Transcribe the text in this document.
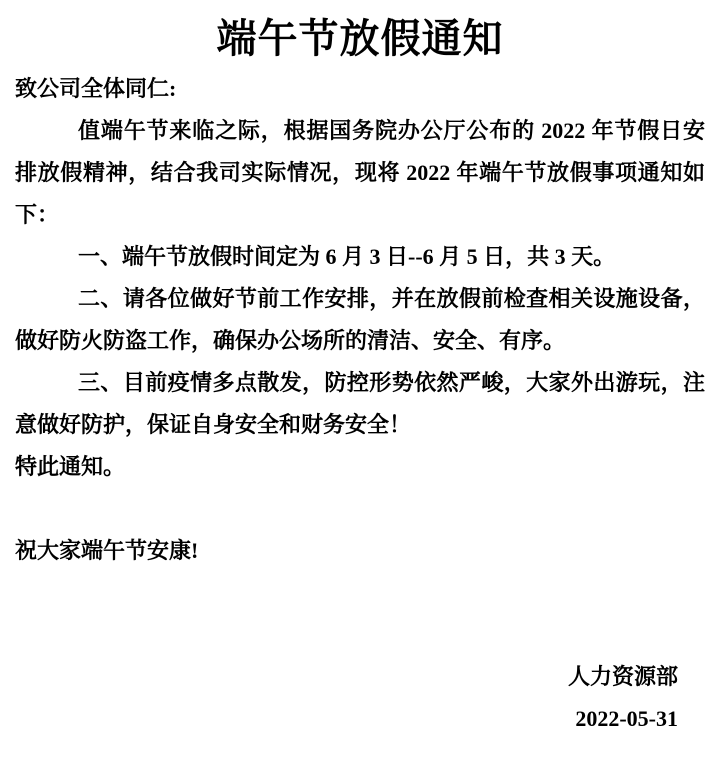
端午节放假通知
致公司全体同仁:
值端午节来临之际，根据国务院办公厅公布的 2022 年节假日安
排放假精神，结合我司实际情况，现将 2022 年端午节放假事项通知如
下：
一、端午节放假时间定为 6 月 3 日--6 月 5 日，共 3 天。
二、请各位做好节前工作安排，并在放假前检查相关设施设备，
做好防火防盗工作，确保办公场所的清洁、安全、有序。
三、目前疫情多点散发，防控形势依然严峻，大家外出游玩，注
意做好防护，保证自身安全和财务安全！
特此通知。
祝大家端午节安康!
人力资源部
2022-05-31
